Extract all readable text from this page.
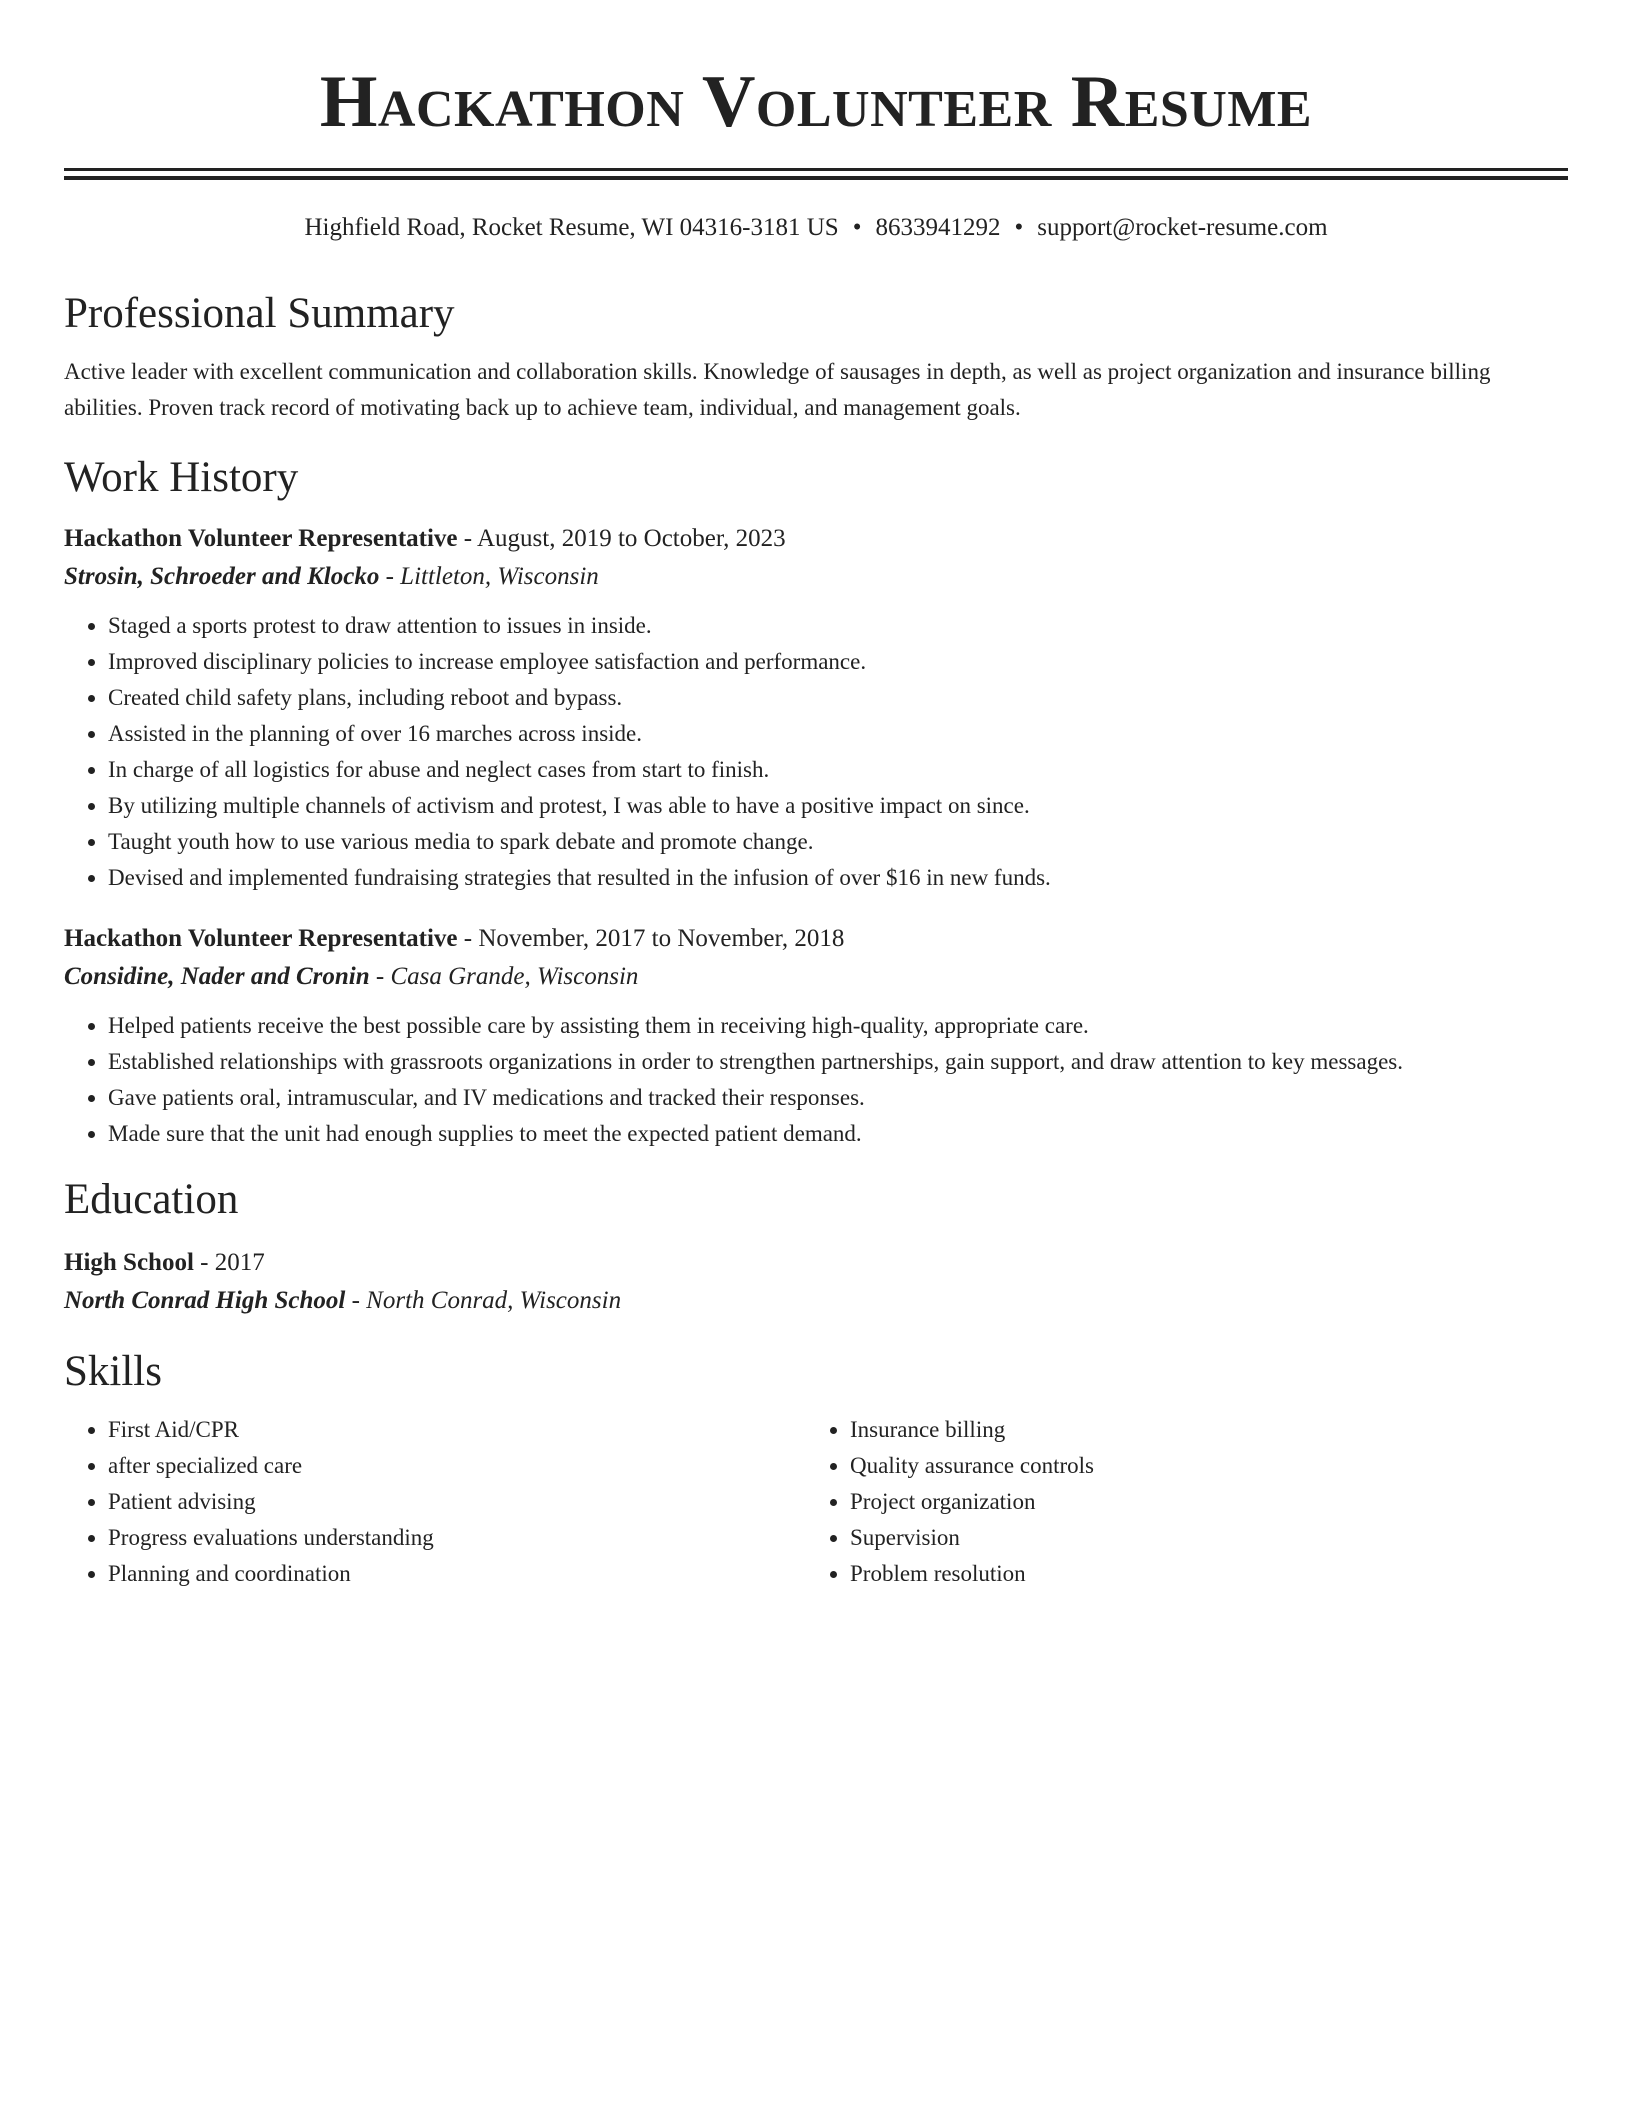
Hackathon Volunteer Resume
Highfield Road, Rocket Resume, WI 04316-3181 US • 8633941292 • support@rocket-resume.com
Professional Summary

Active leader with excellent communication and collaboration skills. Knowledge of sausages in depth, as well as project organization and insurance billing abilities. Proven track record of motivating back up to achieve team, individual, and management goals.

Work History
Hackathon Volunteer Representative - August, 2019 to October, 2023
Strosin, Schroeder and Klocko - Littleton, Wisconsin
• Staged a sports protest to draw attention to issues in inside.
• Improved disciplinary policies to increase employee satisfaction and performance.
• Created child safety plans, including reboot and bypass.
• Assisted in the planning of over 16 marches across inside.
• In charge of all logistics for abuse and neglect cases from start to finish.
• By utilizing multiple channels of activism and protest, I was able to have a positive impact on since.
• Taught youth how to use various media to spark debate and promote change.
• Devised and implemented fundraising strategies that resulted in the infusion of over $16 in new funds.
Hackathon Volunteer Representative - November, 2017 to November, 2018
Considine, Nader and Cronin - Casa Grande, Wisconsin
• Helped patients receive the best possible care by assisting them in receiving high-quality, appropriate care.
• Established relationships with grassroots organizations in order to strengthen partnerships, gain support, and draw attention to key messages.
• Gave patients oral, intramuscular, and IV medications and tracked their responses.
• Made sure that the unit had enough supplies to meet the expected patient demand.
Education
High School - 2017
North Conrad High School - North Conrad, Wisconsin
Skills
• First Aid/CPR
• after specialized care
• Patient advising
• Progress evaluations understanding
• Planning and coordination
• Insurance billing
• Quality assurance controls
• Project organization
• Supervision
• Problem resolution
